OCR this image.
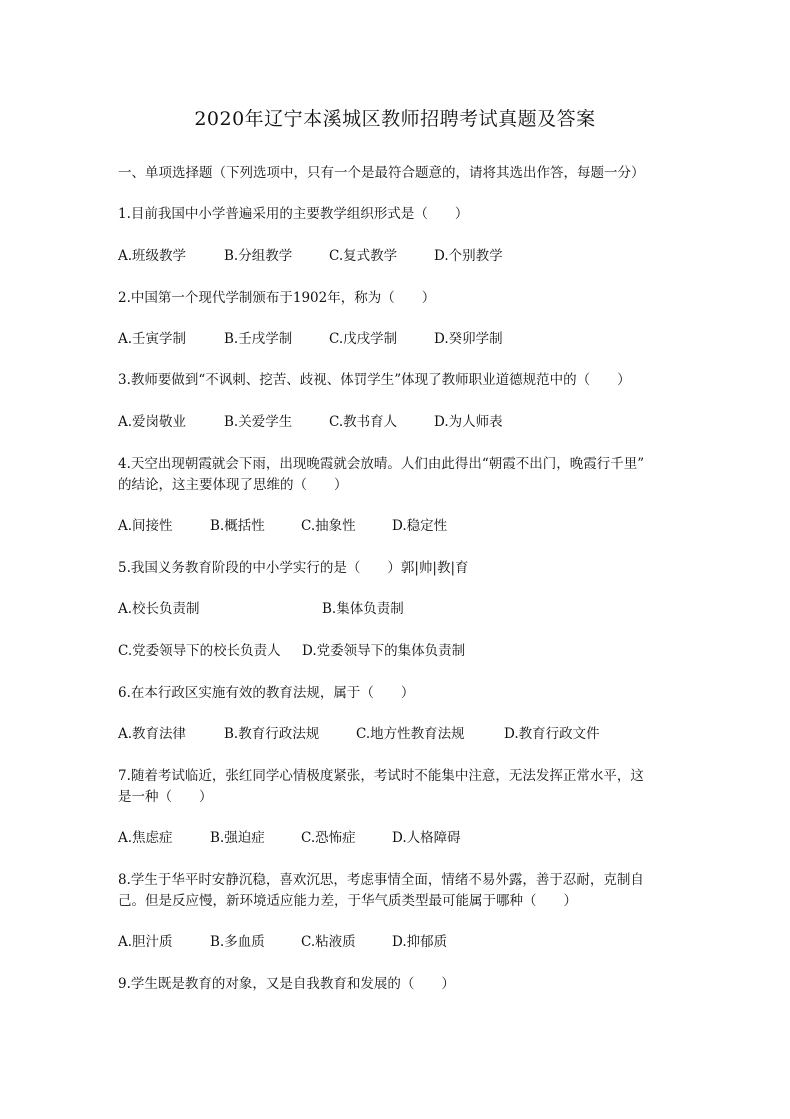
2020年辽宁本溪城区教师招聘考试真题及答案
一、单项选择题（下列选项中，只有一个是最符合题意的，请将其选出作答，每题一分）
1.目前我国中小学普遍采用的主要教学组织形式是（　　）
A.班级教学	B.分组教学	C.复式教学	D.个别教学
2.中国第一个现代学制颁布于1902年，称为（　　）
A.壬寅学制	B.壬戌学制	C.戊戌学制	D.癸卯学制
3.教师要做到“不讽刺、挖苦、歧视、体罚学生”体现了教师职业道德规范中的（　　）
A.爱岗敬业	B.关爱学生	C.教书育人	D.为人师表
4.天空出现朝霞就会下雨，出现晚霞就会放晴。人们由此得出“朝霞不出门，晚霞行千里”
的结论，这主要体现了思维的（　　）
A.间接性	B.概括性	C.抽象性	D.稳定性
5.我国义务教育阶段的中小学实行的是（　　）郭|帅|教|育
A.校长负责制	B.集体负责制
C.党委领导下的校长负责人 D.党委领导下的集体负责制
6.在本行政区实施有效的教育法规，属于（　　）
A.教育法律	B.教育行政法规	C.地方性教育法规	D.教育行政文件
7.随着考试临近，张红同学心情极度紧张，考试时不能集中注意，无法发挥正常水平，这
是一种（　　）
A.焦虑症	B.强迫症	C.恐怖症	D.人格障碍
8.学生于华平时安静沉稳，喜欢沉思，考虑事情全面，情绪不易外露，善于忍耐，克制自
己。但是反应慢，新环境适应能力差，于华气质类型最可能属于哪种（　　）
A.胆汁质	B.多血质	C.粘液质	D.抑郁质
9.学生既是教育的对象，又是自我教育和发展的（　　）
